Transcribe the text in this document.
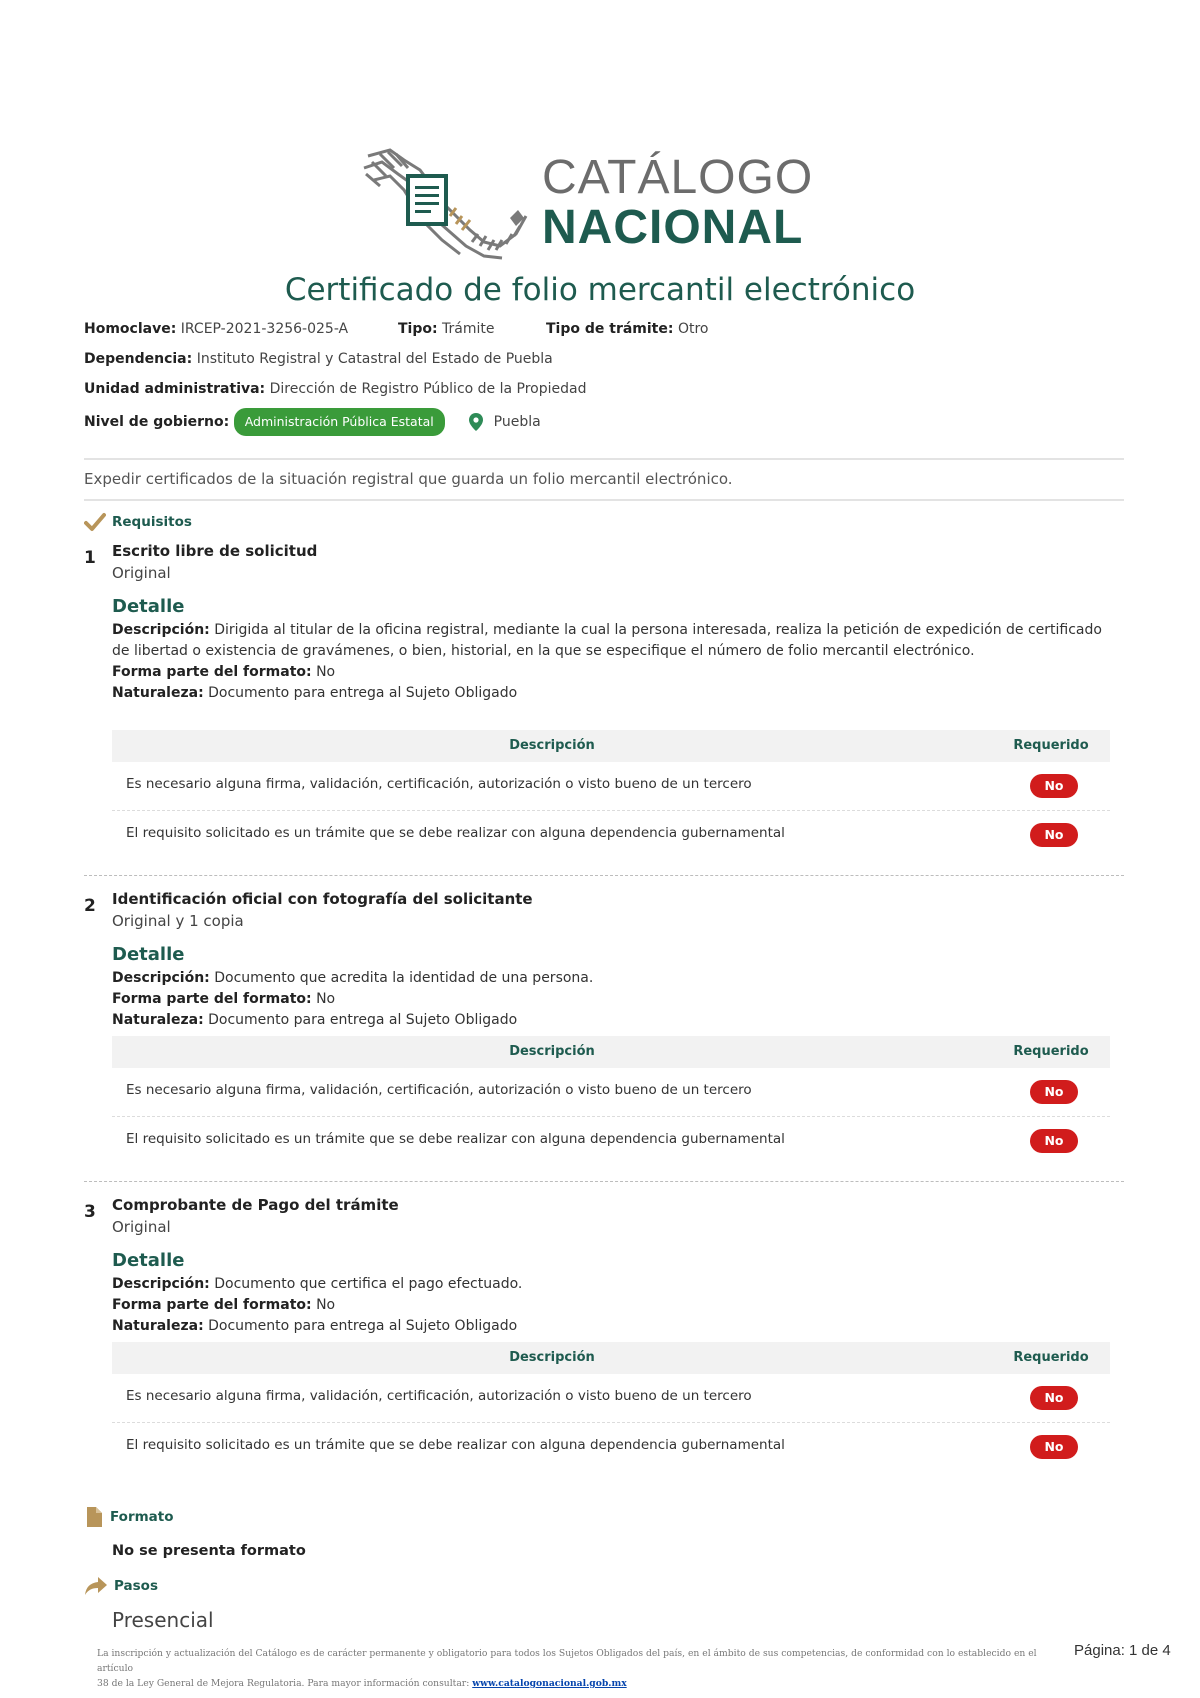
CATÁLOGO
NACIONAL
Certificado de folio mercantil electrónico
Homoclave: IRCEP-2021-3256-025-A	Tipo: Trámite	Tipo de trámite: Otro
Dependencia: Instituto Registral y Catastral del Estado de Puebla
Unidad administrativa: Dirección de Registro Público de la Propiedad
Nivel de gobierno: Administración Pública Estatal	Puebla
Expedir certificados de la situación registral que guarda un folio mercantil electrónico.
Requisitos
1 Escrito libre de solicitud
Original
Detalle
Descripción: Dirigida al titular de la oficina registral, mediante la cual la persona interesada, realiza la petición de expedición de certificado de libertad o existencia de gravámenes, o bien, historial, en la que se especifique el número de folio mercantil electrónico.
Forma parte del formato: No
Naturaleza: Documento para entrega al Sujeto Obligado
Descripción	Requerido
Es necesario alguna firma, validación, certificación, autorización o visto bueno de un tercero	No
El requisito solicitado es un trámite que se debe realizar con alguna dependencia gubernamental	No
2 Identificación oficial con fotografía del solicitante
Original y 1 copia
Detalle
Descripción: Documento que acredita la identidad de una persona.
Forma parte del formato: No
Naturaleza: Documento para entrega al Sujeto Obligado
Descripción	Requerido
Es necesario alguna firma, validación, certificación, autorización o visto bueno de un tercero	No
El requisito solicitado es un trámite que se debe realizar con alguna dependencia gubernamental	No
3 Comprobante de Pago del trámite
Original
Detalle
Descripción: Documento que certifica el pago efectuado.
Forma parte del formato: No
Naturaleza: Documento para entrega al Sujeto Obligado
Descripción	Requerido
Es necesario alguna firma, validación, certificación, autorización o visto bueno de un tercero	No
El requisito solicitado es un trámite que se debe realizar con alguna dependencia gubernamental	No
Formato
No se presenta formato
Pasos
Presencial
La inscripción y actualización del Catálogo es de carácter permanente y obligatorio para todos los Sujetos Obligados del país, en el ámbito de sus competencias, de conformidad con lo establecido en el artículo
38 de la Ley General de Mejora Regulatoria. Para mayor información consultar: www.catalogonacional.gob.mx
Página: 1 de 4
